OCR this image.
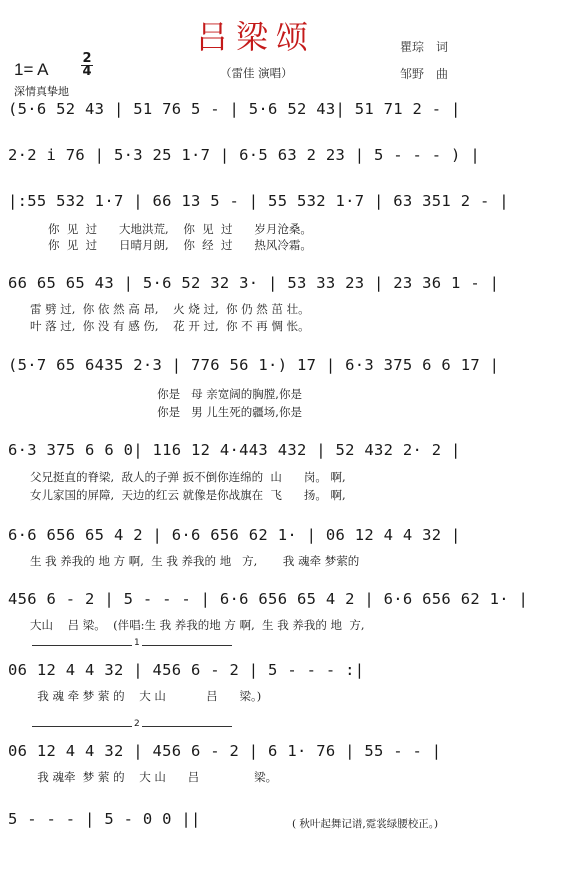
吕梁颂	瞿琮　词
邹野　曲
1= A
2
4	（雷佳 演唱）
深情真挚地
(5·6 52 43 | 51 76 5 - | 5·6 52 43| 51 71 2 - |
2·2 i 76 | 5·3 25 1·7 | 6·5 63 2 23 | 5 - - - ) |
|:55 532 1·7 | 66 13 5 - | 55 532 1·7 | 63 351 2 - |
你  见  过      大地洪荒,    你  见  过      岁月沧桑。
你  见  过      日晴月朗,    你  经  过      热风冷霜。
66 65 65 43 | 5·6 52 32 3· | 53 33 23 | 23 36 1 - |
雷 劈 过,  你 依 然 高 昂,    火 烧 过,  你 仍 然 茁 壮。
叶 落 过,  你 没 有 感 伤,    花 开 过,  你 不 再 惆 怅。
(5·7 65 6435 2·3 | 776 56 1·) 17 | 6·3 375 6 6 17 |
你是   母 亲宽阔的胸膛,你是
你是   男 儿生死的疆场,你是
6·3 375 6 6 0| 116 12 4·443 432 | 52 432 2· 2 |
父兄挺直的脊梁,  敌人的子弹 扳不倒你连绵的  山      岗。 啊,
女儿家国的屏障,  天边的红云 就像是你战旗在  飞      扬。 啊,
6·6 656 65 4 2 | 6·6 656 62 1· | 06 12 4 4 32 |
生 我 养我的 地 方 啊,  生 我 养我的 地   方,       我 魂牵 梦萦的
456 6 - 2 | 5 - - - | 6·6 656 65 4 2 | 6·6 656 62 1· |
大山    吕 梁。  (伴唱:生 我 养我的地 方 啊,  生 我 养我的 地  方,
1
06 12 4 4 32 | 456 6 - 2 | 5 - - - :|
我 魂 牵 梦 萦 的    大 山           吕      梁。)
2
06 12 4 4 32 | 456 6 - 2 | 6 1· 76 | 55 - - |
我 魂牵  梦 萦 的    大 山      吕               梁。
5 - - - | 5 - 0 0 ||	( 秋叶起舞记谱,霓裳绿腰校正。)
